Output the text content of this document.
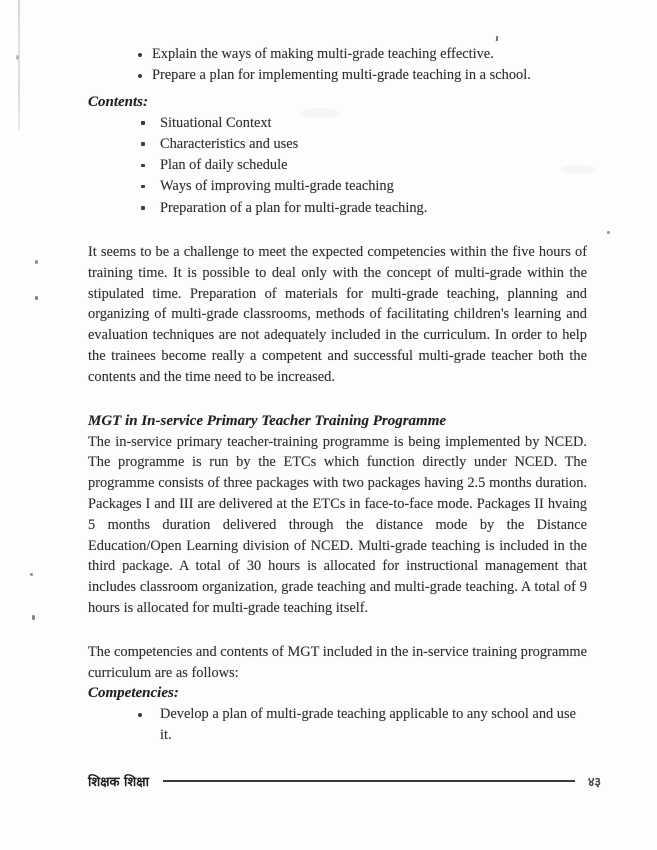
Explain the ways of making multi-grade teaching effective.
Prepare a plan for implementing multi-grade teaching in a school.
Contents:
Situational Context
Characteristics and uses
Plan of daily schedule
Ways of improving multi-grade teaching
Preparation of a plan for multi-grade teaching.

It seems to be a challenge to meet the expected competencies within the five hours of training time. It is possible to deal only with the concept of multi-grade within the stipulated time. Preparation of materials for multi-grade teaching, planning and organizing of multi-grade classrooms, methods of facilitating children's learning and evaluation techniques are not adequately included in the curriculum. In order to help the trainees become really a competent and successful multi-grade teacher both the contents and the time need to be increased.

MGT in In-service Primary Teacher Training Programme

The in-service primary teacher-training programme is being implemented by NCED. The programme is run by the ETCs which function directly under NCED. The programme consists of three packages with two packages having 2.5 months duration. Packages I and III are delivered at the ETCs in face-to-face mode. Packages II hvaing 5 months duration delivered through the distance mode by the Distance Education/Open Learning division of NCED. Multi-grade teaching is included in the third package. A total of 30 hours is allocated for instructional management that includes classroom organization, grade teaching and multi-grade teaching. A total of 9 hours is allocated for multi-grade teaching itself.

The competencies and contents of MGT included in the in-service training programme curriculum are as follows:

Competencies:
Develop a plan of multi-grade teaching applicable to any school and use it.
शिक्षक शिक्षा	४३
